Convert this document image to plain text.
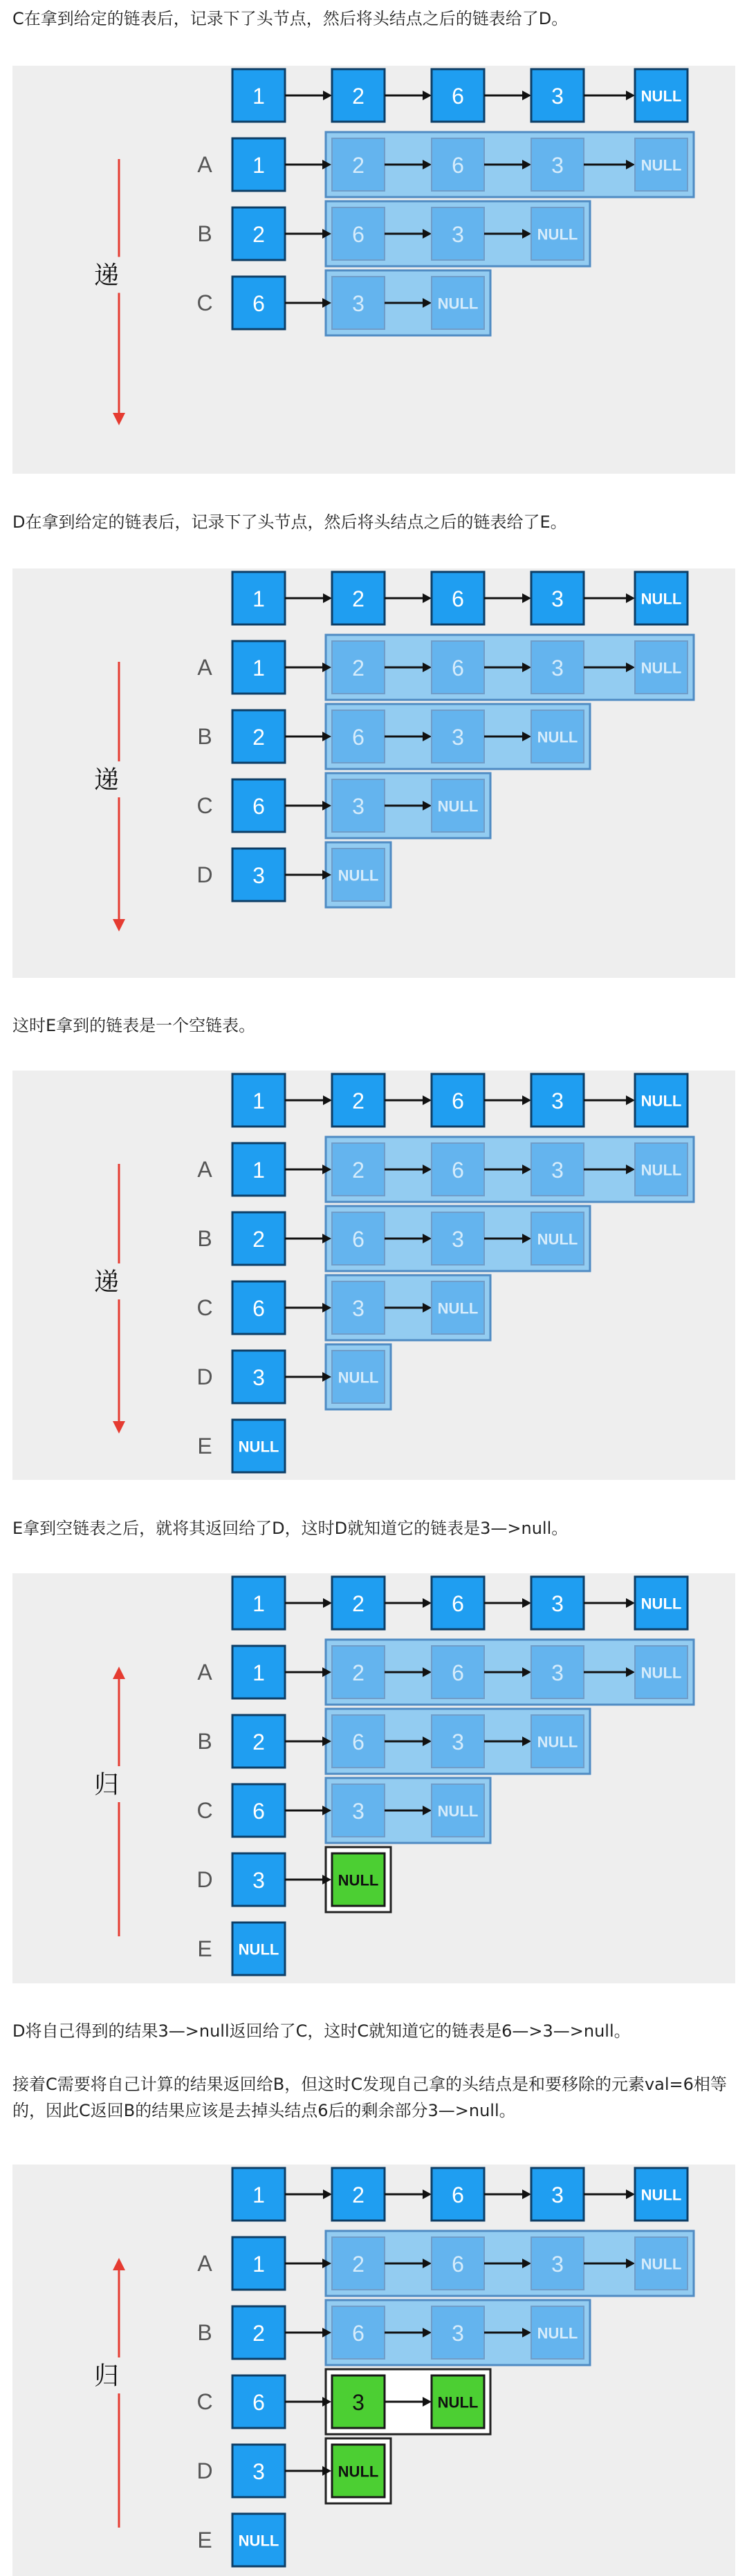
C在拿到给定的链表后，记录下了头节点，然后将头结点之后的链表给了D。

1	2	6	3	NULL
A 1	2	6	3	NULL
B 2	6	3	NULL
C 6	3	NULL
递

D在拿到给定的链表后，记录下了头节点，然后将头结点之后的链表给了E。

1	2	6	3	NULL
A 1	2	6	3	NULL
B 2	6	3	NULL
C 6	3	NULL
D 3	NULL
递

这时E拿到的链表是一个空链表。

1	2	6	3	NULL
A 1	2	6	3	NULL
B 2	6	3	NULL
C 6	3	NULL
D 3	NULL
E NULL
递

E拿到空链表之后，就将其返回给了D，这时D就知道它的链表是3—>null。

1	2	6	3	NULL
A 1	2	6	3	NULL
B 2	6	3	NULL
C 6	3	NULL
D 3	NULL
E NULL
归

D将自己得到的结果3—>null返回给了C，这时C就知道它的链表是6—>3—>null。

接着C需要将自己计算的结果返回给B，但这时C发现自己拿的头结点是和要移除的元素val=6相等的，因此C返回B的结果应该是去掉头结点6后的剩余部分3—>null。

1	2	6	3	NULL
A 1	2	6	3	NULL
B 2	6	3	NULL
C 6	3	NULL
D 3	NULL
E NULL
归
